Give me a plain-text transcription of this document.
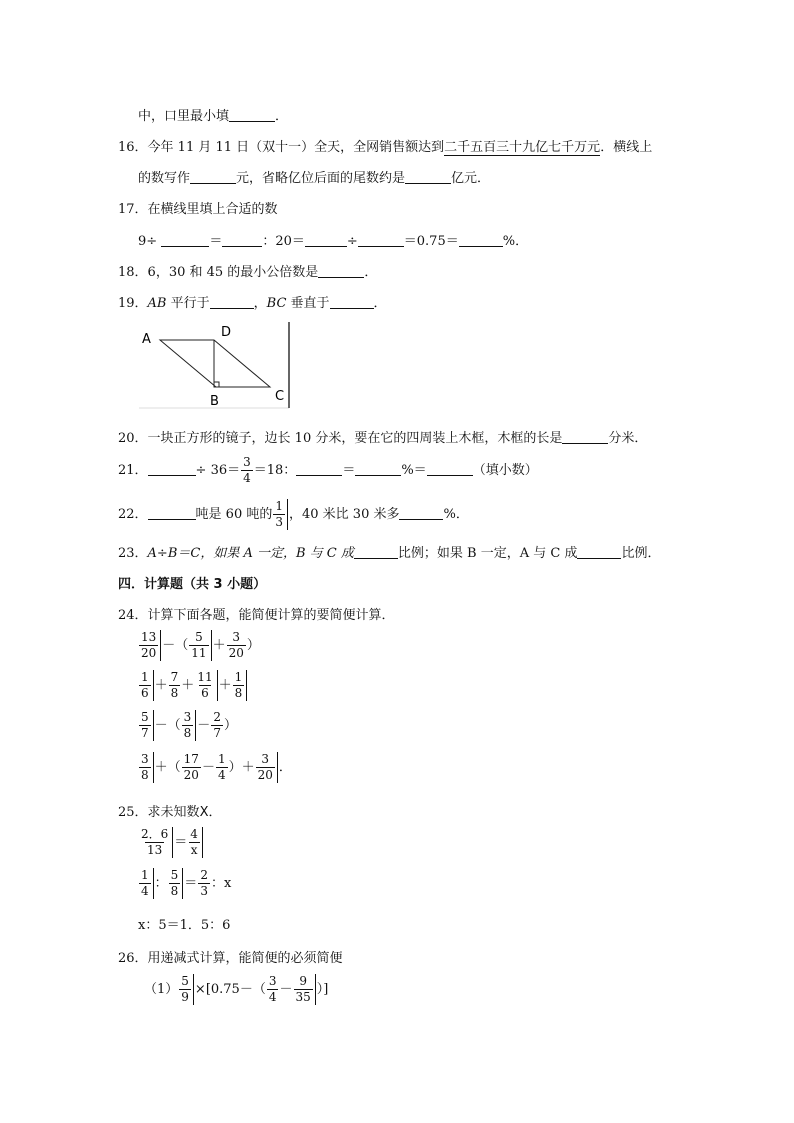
中，口里最小填	．
16．今年 11 月 11 日（双十一）全天，全网销售额达到二千五百三十九亿七千万元．横线上
的数写作	元，省略亿位后面的尾数约是	亿元．
17．在横线里填上合适的数
9÷	＝	：20＝	÷	＝0.75＝	%．
18．6，30 和 45 的最小公倍数是	．
19．AB 平行于	，BC 垂直于	．
A	D
B	C
20．一块正方形的镜子，边长 10 分米，要在它的四周装上木框，木框的长是	分米．
21．	÷ $36= \frac{3}{4} =18$：	＝	%＝	（填小数）
22．	吨是 60 吨的 $\frac{1}{3}$ ，40 米比 30 米多	%．
23．A÷B＝C，如果 A 一定，B 与 C 成	比例；如果 B 一定，A 与 C 成	比例．
四．计算题（共 3 小题）
24．计算下面各题，能简便计算的要简便计算．
$\frac{13}{20}$ －（ $\frac{5}{11} + \frac{3}{20}$ ）
$\frac{1}{6} + \frac{7}{8} + \frac{11}{6} + \frac{1}{8}$
$\frac{5}{7}$ －（ $\frac{3}{8} - \frac{2}{7}$ ）
$\frac{3}{8}$ ＋（ $\frac{17}{20} - \frac{1}{4}$ ）＋ $\frac{3}{20}$ ．
25．求未知数X．
$\frac{2.6}{13} = \frac{4}{x}$
$\frac{1}{4}$ ： $\frac{5}{8} = \frac{2}{3}$ ：x
x：5＝1．5：6
26．用递减式计算，能简便的必须简便
$(1) \frac{5}{9} \times[0.75-( \frac{3}{4} - \frac{9}{35}$ ）]
